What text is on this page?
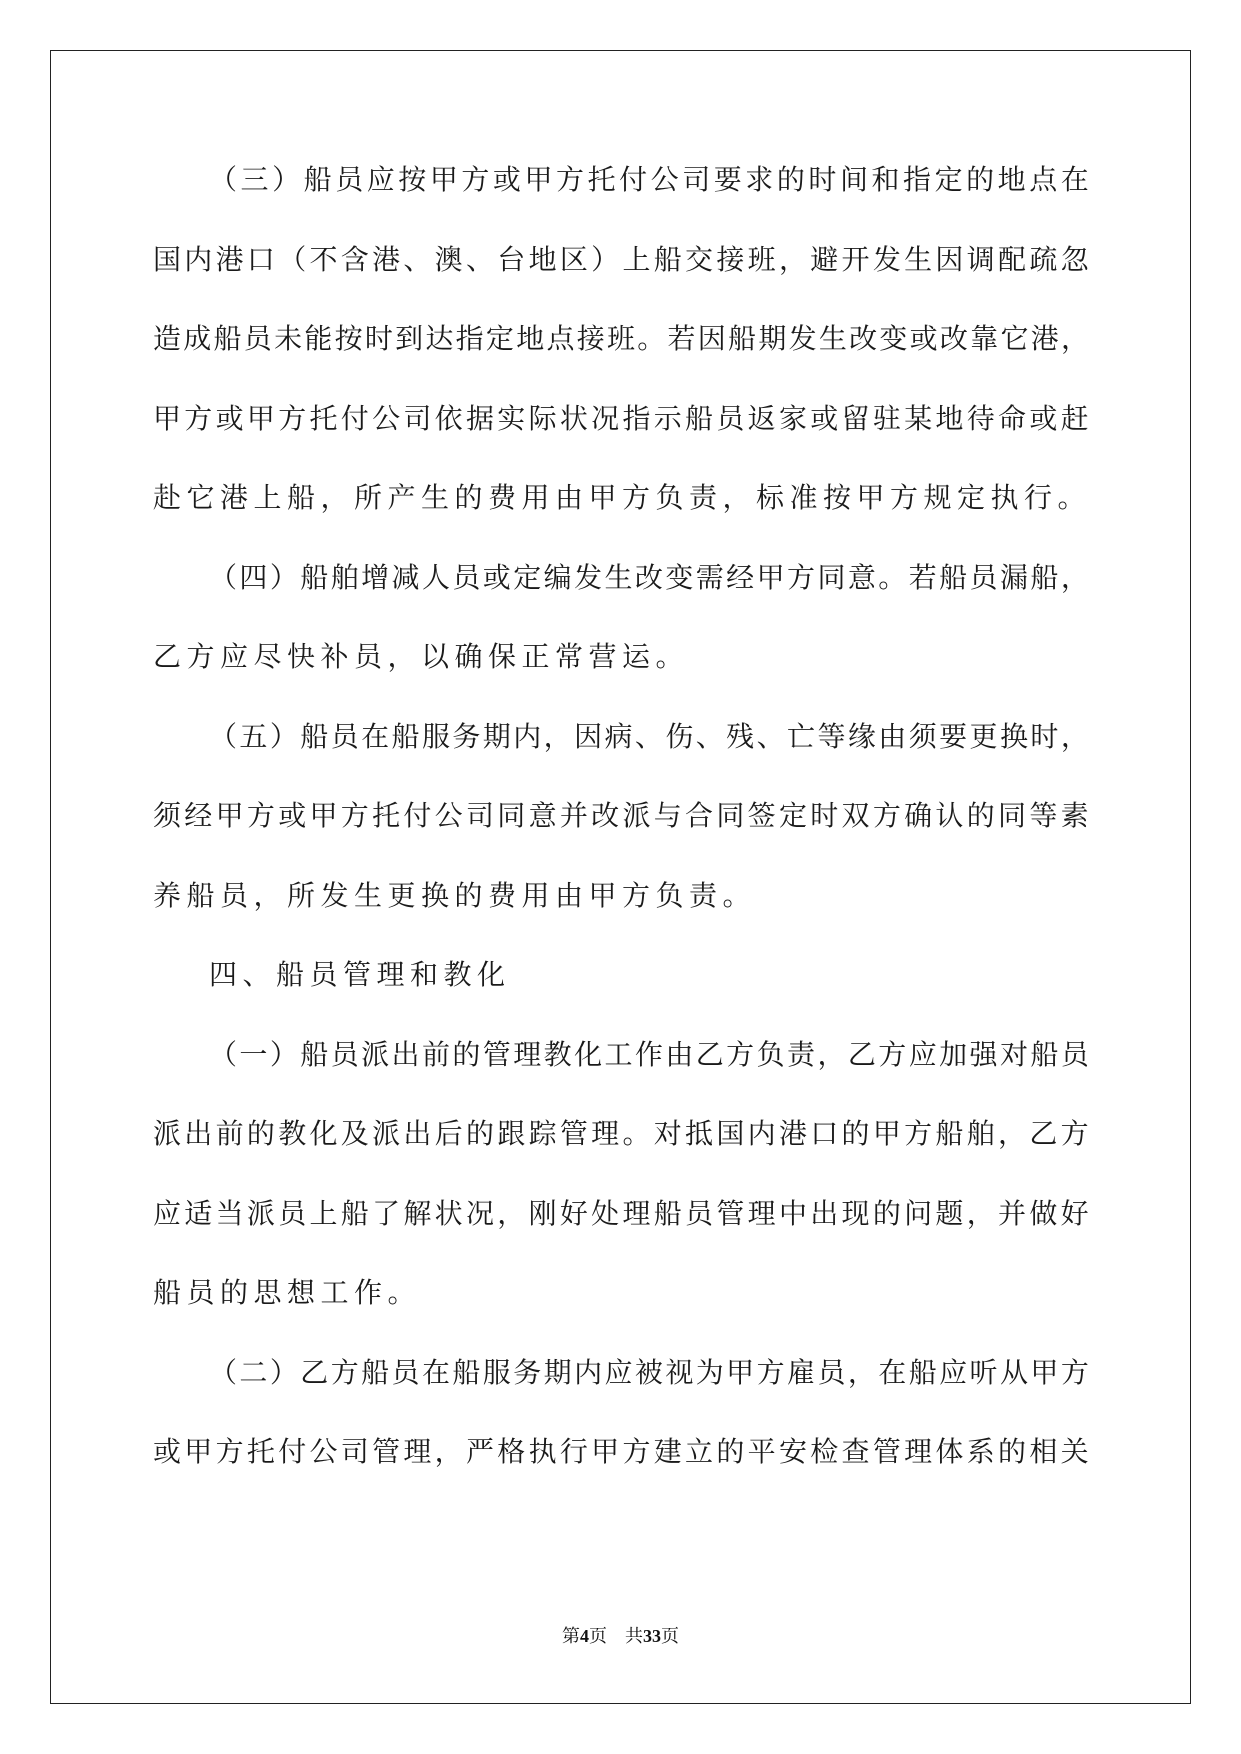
（ 三 ） 船 员 应 按 甲 方 或 甲 方 托 付 公 司 要 求 的 时 间 和 指 定 的 地 点 在
国 内 港 口 （ 不 含 港 、 澳 、 台 地 区 ） 上 船 交 接 班 ， 避 开 发 生 因 调 配 疏 忽
造 成 船 员 未 能 按 时 到 达 指 定 地 点 接 班 。 若 因 船 期 发 生 改 变 或 改 靠 它 港 ，
甲 方 或 甲 方 托 付 公 司 依 据 实 际 状 况 指 示 船 员 返 家 或 留 驻 某 地 待 命 或 赶
赴它港上船，所产生的费用由甲方负责，标准按甲方规定执行。
（ 四 ） 船 舶 增 减 人 员 或 定 编 发 生 改 变 需 经 甲 方 同 意 。 若 船 员 漏 船 ，
乙方应尽快补员，以确保正常营运。
（ 五 ） 船 员 在 船 服 务 期 内 ， 因 病 、 伤 、 残 、 亡 等 缘 由 须 要 更 换 时 ，
须 经 甲 方 或 甲 方 托 付 公 司 同 意 并 改 派 与 合 同 签 定 时 双 方 确 认 的 同 等 素
养船员，所发生更换的费用由甲方负责。
四、船员管理和教化
（ 一 ） 船 员 派 出 前 的 管 理 教 化 工 作 由 乙 方 负 责 ， 乙 方 应 加 强 对 船 员
派 出 前 的 教 化 及 派 出 后 的 跟 踪 管 理 。 对 抵 国 内 港 口 的 甲 方 船 舶 ， 乙 方
应 适 当 派 员 上 船 了 解 状 况 ， 刚 好 处 理 船 员 管 理 中 出 现 的 问 题 ， 并 做 好
船员的思想工作。
（ 二 ） 乙 方 船 员 在 船 服 务 期 内 应 被 视 为 甲 方 雇 员 ， 在 船 应 听 从 甲 方
或 甲 方 托 付 公 司 管 理 ， 严 格 执 行 甲 方 建 立 的 平 安 检 查 管 理 体 系 的 相 关
第4页 共33页
